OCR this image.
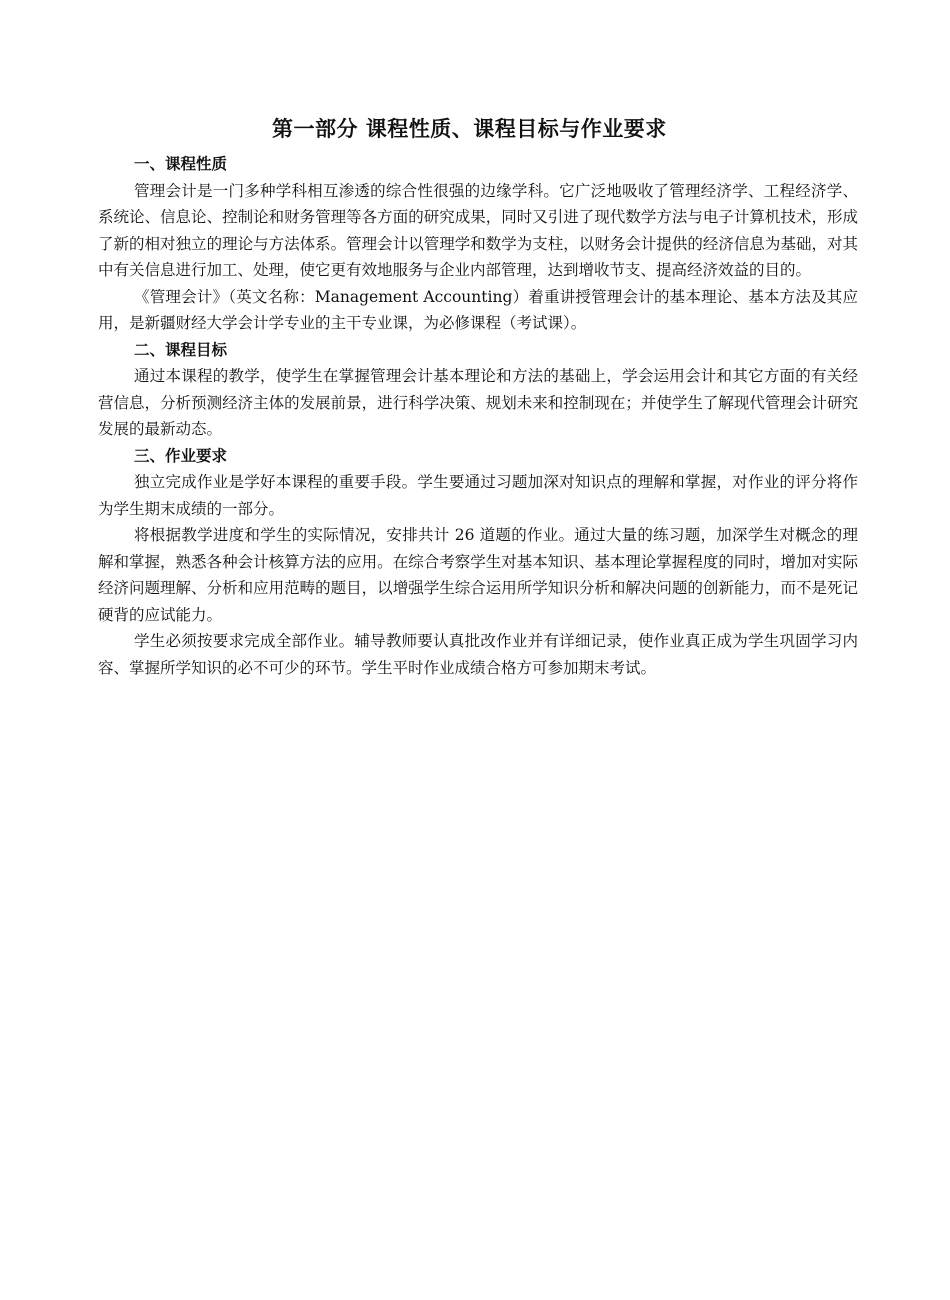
第一部分	课程性质、课程目标与作业要求
一、课程性质

管理会计是一门多种学科相互渗透的综合性很强的边缘学科。它广泛地吸收了管理经济学、工程经济学、系统论、信息论、控制论和财务管理等各方面的研究成果，同时又引进了现代数学方法与电子计算机技术，形成了新的相对独立的理论与方法体系。管理会计以管理学和数学为支柱，以财务会计提供的经济信息为基础，对其中有关信息进行加工、处理，使它更有效地服务与企业内部管理，达到增收节支、提高经济效益的目的。

《管理会计》（英文名称：Management Accounting）着重讲授管理会计的基本理论、基本方法及其应用，是新疆财经大学会计学专业的主干专业课，为必修课程（考试课）。

二、课程目标

通过本课程的教学，使学生在掌握管理会计基本理论和方法的基础上，学会运用会计和其它方面的有关经营信息，分析预测经济主体的发展前景，进行科学决策、规划未来和控制现在；并使学生了解现代管理会计研究发展的最新动态。

三、作业要求

独立完成作业是学好本课程的重要手段。学生要通过习题加深对知识点的理解和掌握，对作业的评分将作为学生期末成绩的一部分。

将根据教学进度和学生的实际情况，安排共计 26 道题的作业。通过大量的练习题，加深学生对概念的理解和掌握，熟悉各种会计核算方法的应用。在综合考察学生对基本知识、基本理论掌握程度的同时，增加对实际经济问题理解、分析和应用范畴的题目，以增强学生综合运用所学知识分析和解决问题的创新能力，而不是死记硬背的应试能力。

学生必须按要求完成全部作业。辅导教师要认真批改作业并有详细记录，使作业真正成为学生巩固学习内容、掌握所学知识的必不可少的环节。学生平时作业成绩合格方可参加期末考试。
